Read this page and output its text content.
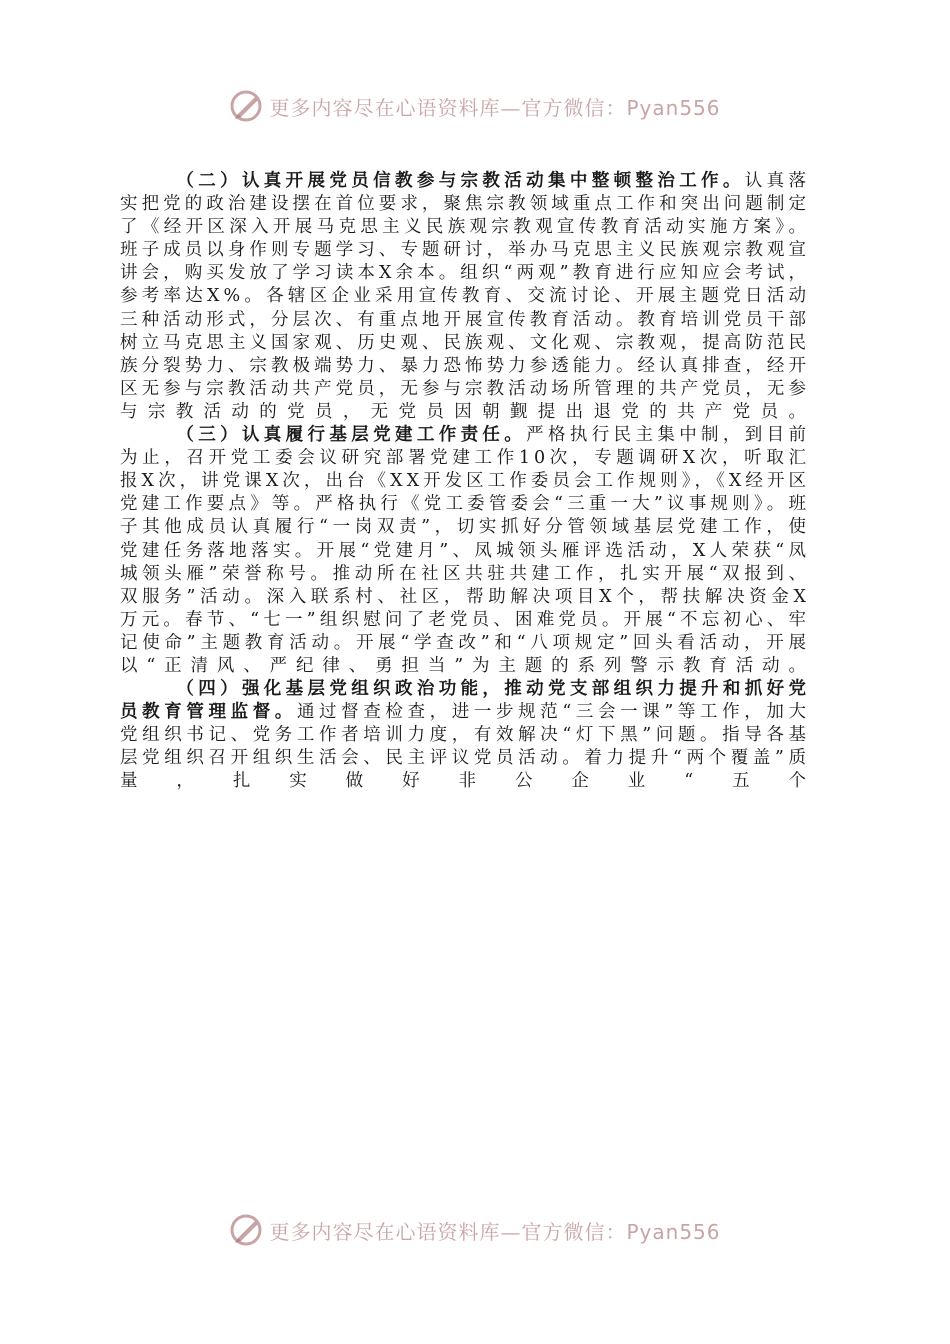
更多内容尽在心语资料库—官方微信：Pyan556

（二）认真开展党员信教参与宗教活动集中整顿整治工作。认真落实把党的政治建设摆在首位要求，聚焦宗教领域重点工作和突出问题制定了《经开区深入开展马克思主义民族观宗教观宣传教育活动实施方案》。班子成员以身作则专题学习、专题研讨，举办马克思主义民族观宗教观宣讲会，购买发放了学习读本X余本。组织“两观”教育进行应知应会考试，参考率达X%。各辖区企业采用宣传教育、交流讨论、开展主题党日活动三种活动形式，分层次、有重点地开展宣传教育活动。教育培训党员干部树立马克思主义国家观、历史观、民族观、文化观、宗教观，提高防范民族分裂势力、宗教极端势力、暴力恐怖势力参透能力。经认真排查，经开区无参与宗教活动共产党员，无参与宗教活动场所管理的共产党员，无参与宗教活动的党员，无党员因朝觐提出退党的共产党员。

（三）认真履行基层党建工作责任。严格执行民主集中制，到目前为止，召开党工委会议研究部署党建工作10次，专题调研X次，听取汇报X次，讲党课X次，出台《XX开发区工作委员会工作规则》，《X经开区党建工作要点》等。严格执行《党工委管委会“三重一大”议事规则》。班子其他成员认真履行“一岗双责”，切实抓好分管领域基层党建工作，使党建任务落地落实。开展“党建月”、凤城领头雁评选活动，X人荣获“凤城领头雁”荣誉称号。推动所在社区共驻共建工作，扎实开展“双报到、双服务”活动。深入联系村、社区，帮助解决项目X个，帮扶解决资金X万元。春节、“七一”组织慰问了老党员、困难党员。开展“不忘初心、牢记使命”主题教育活动。开展“学查改”和“八项规定”回头看活动，开展以“正清风、严纪律、勇担当”为主题的系列警示教育活动。

（四）强化基层党组织政治功能，推动党支部组织力提升和抓好党员教育管理监督。通过督查检查，进一步规范“三会一课”等工作，加大党组织书记、党务工作者培训力度，有效解决“灯下黑”问题。指导各基层党组织召开组织生活会、民主评议党员活动。着力提升“两个覆盖”质量，扎实做好非公企业“五个

更多内容尽在心语资料库—官方微信：Pyan556
